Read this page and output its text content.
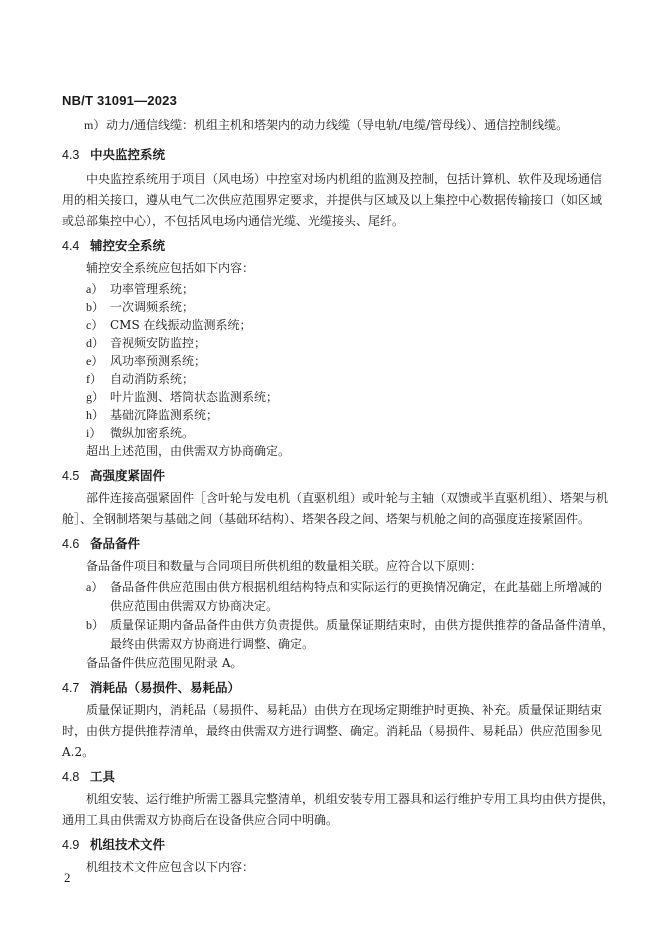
NB/T 31091—2023
m）动力/通信线缆：机组主机和塔架内的动力线缆（导电轨/电缆/管母线）、通信控制线缆。
4.3 中央监控系统
中央监控系统用于项目（风电场）中控室对场内机组的监测及控制，包括计算机、软件及现场通信
用的相关接口，遵从电气二次供应范围界定要求，并提供与区域及以上集控中心数据传输接口（如区域
或总部集控中心），不包括风电场内通信光缆、光缆接头、尾纤。
4.4 辅控安全系统
辅控安全系统应包括如下内容：
a） 功率管理系统；
b） 一次调频系统；
c） CMS 在线振动监测系统；
d） 音视频安防监控；
e） 风功率预测系统；
f） 自动消防系统；
g） 叶片监测、塔筒状态监测系统；
h） 基础沉降监测系统；
i） 微纵加密系统。
超出上述范围，由供需双方协商确定。
4.5 高强度紧固件
部件连接高强紧固件［含叶轮与发电机（直驱机组）或叶轮与主轴（双馈或半直驱机组）、塔架与机
舱］、全钢制塔架与基础之间（基础环结构）、塔架各段之间、塔架与机舱之间的高强度连接紧固件。
4.6 备品备件
备品备件项目和数量与合同项目所供机组的数量相关联。应符合以下原则：
a） 备品备件供应范围由供方根据机组结构特点和实际运行的更换情况确定，在此基础上所增减的
供应范围由供需双方协商决定。
b） 质量保证期内备品备件由供方负责提供。质量保证期结束时，由供方提供推荐的备品备件清单，
最终由供需双方协商进行调整、确定。
备品备件供应范围见附录 A。
4.7 消耗品（易损件、易耗品）
质量保证期内，消耗品（易损件、易耗品）由供方在现场定期维护时更换、补充。质量保证期结束
时，由供方提供推荐清单，最终由供需双方进行调整、确定。消耗品（易损件、易耗品）供应范围参见
A.2。
4.8 工具
机组安装、运行维护所需工器具完整清单，机组安装专用工器具和运行维护专用工具均由供方提供，
通用工具由供需双方协商后在设备供应合同中明确。
4.9 机组技术文件
机组技术文件应包含以下内容：
2
